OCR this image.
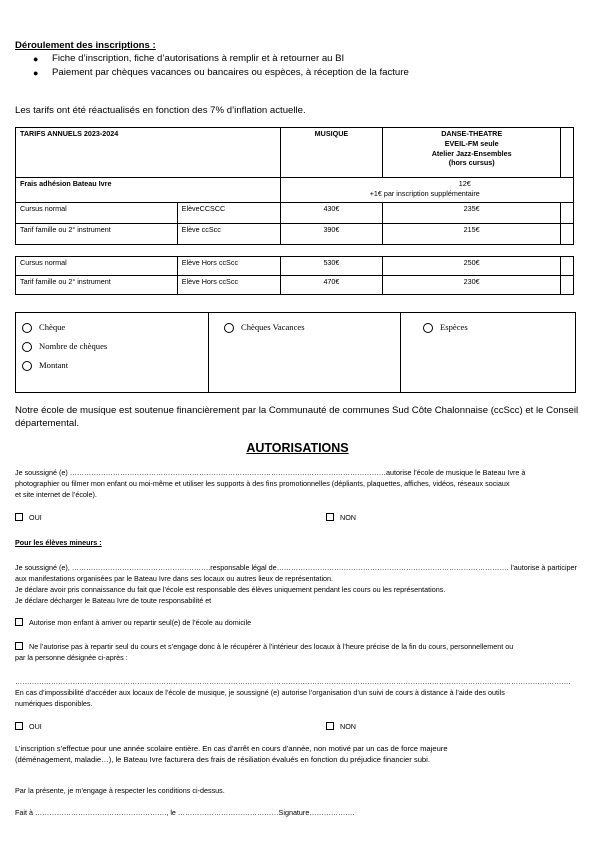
Déroulement des inscriptions :
●	Fiche d’inscription, fiche d’autorisations à remplir et à retourner au BI
●	Paiement par chèques vacances ou bancaires ou espèces, à réception de la facture
Les tarifs ont été réactualisés en fonction des 7% d’inflation actuelle.
TARIFS ANNUELS 2023-2024		MUSIQUE	DANSE-THEATRE
EVEIL-FM seule
Atelier Jazz-Ensembles
(hors cursus)	

Frais adhésion Bateau Ivre		12€
+1€ par inscription supplémentaire		

Cursus normal	ElèveCCSCC	430€	235€	
Tarif famille ou 2° instrument	Elève ccScc	390€	215€	
Cursus normal	Elève Hors ccScc	530€	250€	
Tarif famille ou 2° instrument	Elève Hors ccScc	470€	230€	
Chèque
Nombre de chèques
Montant
Chèques Vacances	Espèces
Notre école de musique est soutenue financièrement par la Communauté de communes Sud Côte Chalonnaise (ccScc) et le Conseil départemental.
AUTORISATIONS
Je soussigné (e) ……………………………………………………………………………………………………………………autorise l’école de musique le Bateau Ivre à
photographier ou filmer mon enfant ou moi-même et utiliser les supports à des fins promotionnelles (dépliants, plaquettes, affiches, vidéos, réseaux sociaux
et site internet de l’école).
OUI	NON
Pour les élèves mineurs :
Je soussigné (e), ………………………………………………….responsable légal de……………………………………………………………………………………. l’autorise à participer
aux manifestations organisées par le Bateau Ivre dans ses locaux ou autres lieux de représentation.
Je déclare avoir pris connaissance du fait que l’école est responsable des élèves uniquement pendant les cours ou les représentations.
Je déclare décharger le Bateau Ivre de toute responsabilité et
Autorise mon enfant à arriver ou repartir seul(e) de l’école au domicile
Ne l’autorise pas à repartir seul du cours et s’engage donc à le récupérer à l’intérieur des locaux à l’heure précise de la fin du cours, personnellement ou
par la personne désignée ci-après :
…………………………………………………………………………………………………………………………………………………………………………………………………………….
En cas d’impossibilité d’accéder aux locaux de l’école de musique, je soussigné (e) autorise l’organisation d’un suivi de cours à distance à l’aide des outils
numériques disponibles.
OUI	NON
L’inscription s’effectue pour une année scolaire entière. En cas d’arrêt en cours d’année, non motivé par un cas de force majeure
(déménagement, maladie…), le Bateau Ivre facturera des frais de résiliation évalués en fonction du préjudice financier subi.
Par la présente, je m’engage à respecter les conditions ci-dessus.
Fait à ………………………………………………., le ……………………………………Signature……………….
